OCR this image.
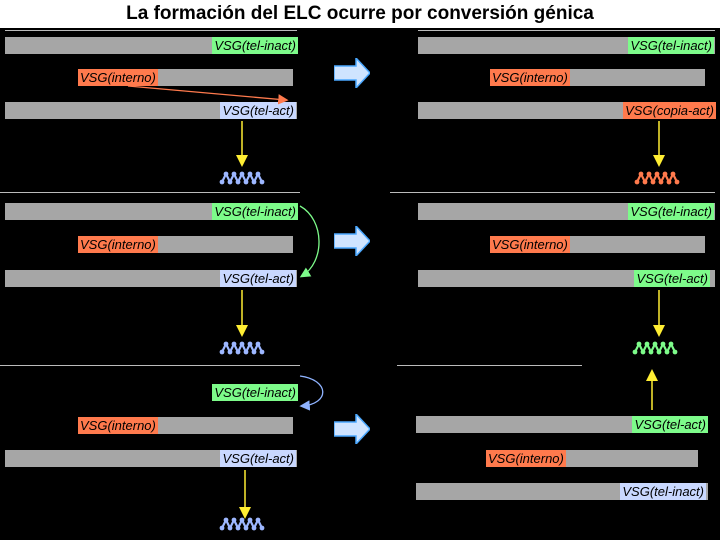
La formación del ELC ocurre por conversión génica
VSG(tel-inact)
VSG(interno)
VSG(tel-act)
VSG(tel-inact)
VSG(interno)
VSG(copia-act)
VSG(tel-inact)
VSG(interno)
VSG(tel-act)
VSG(tel-inact)
VSG(interno)
VSG(tel-act)
VSG(tel-inact)
VSG(interno)
VSG(tel-act)
VSG(tel-act)
VSG(interno)
VSG(tel-inact)
